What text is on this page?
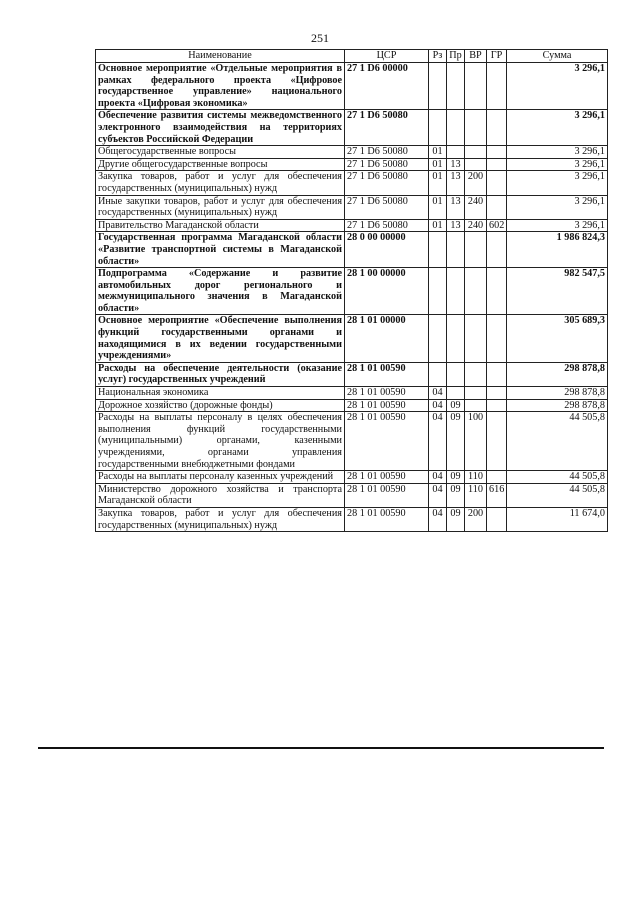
251
Наименование	ЦСР	Рз	Пр	ВР	ГР	Сумма
Основное мероприятие «Отдельные мероприятия в рамках федерального проекта «Цифровое государственное управление» национального проекта «Цифровая экономика»	27 1 D6 00000					3 296,1
Обеспечение развития системы межведомственного электронного взаимодействия на территориях субъектов Российской Федерации	27 1 D6 50080					3 296,1
Общегосударственные вопросы	27 1 D6 50080	01				3 296,1
Другие общегосударственные вопросы	27 1 D6 50080	01	13			3 296,1
Закупка товаров, работ и услуг для обеспечения государственных (муниципальных) нужд	27 1 D6 50080	01	13	200		3 296,1
Иные закупки товаров, работ и услуг для обеспечения государственных (муниципальных) нужд	27 1 D6 50080	01	13	240		3 296,1
Правительство Магаданской области	27 1 D6 50080	01	13	240	602	3 296,1
Государственная программа Магаданской области «Развитие транспортной системы в Магаданской области»	28 0 00 00000					1 986 824,3
Подпрограмма «Содержание и развитие автомобильных дорог регионального и межмуниципального значения в Магаданской области»	28 1 00 00000					982 547,5
Основное мероприятие «Обеспечение выполнения функций государственными органами и находящимися в их ведении государственными учреждениями»	28 1 01 00000					305 689,3
Расходы на обеспечение деятельности (оказание услуг) государственных учреждений	28 1 01 00590					298 878,8
Национальная экономика	28 1 01 00590	04				298 878,8
Дорожное хозяйство (дорожные фонды)	28 1 01 00590	04	09			298 878,8
Расходы на выплаты персоналу в целях обеспечения выполнения функций государственными (муниципальными) органами, казенными учреждениями, органами управления государственными внебюджетными фондами	28 1 01 00590	04	09	100		44 505,8
Расходы на выплаты персоналу казенных учреждений	28 1 01 00590	04	09	110		44 505,8
Министерство дорожного хозяйства и транспорта Магаданской области	28 1 01 00590	04	09	110	616	44 505,8
Закупка товаров, работ и услуг для обеспечения государственных (муниципальных) нужд	28 1 01 00590	04	09	200		11 674,0
